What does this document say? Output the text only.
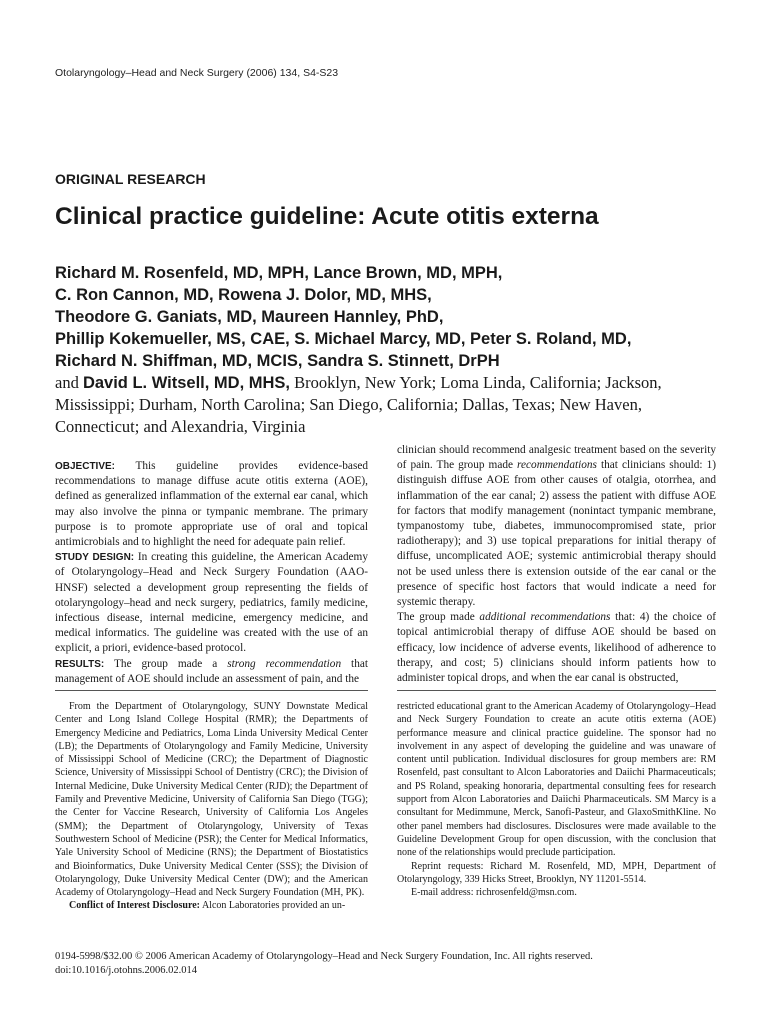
Otolaryngology–Head and Neck Surgery (2006) 134, S4-S23
ORIGINAL RESEARCH
Clinical practice guideline: Acute otitis externa
Richard M. Rosenfeld, MD, MPH, Lance Brown, MD, MPH,
C. Ron Cannon, MD, Rowena J. Dolor, MD, MHS,
Theodore G. Ganiats, MD, Maureen Hannley, PhD,
Phillip Kokemueller, MS, CAE, S. Michael Marcy, MD, Peter S. Roland, MD,
Richard N. Shiffman, MD, MCIS, Sandra S. Stinnett, DrPH
and David L. Witsell, MD, MHS, Brooklyn, New York; Loma Linda, California; Jackson, Mississippi; Durham, North Carolina; San Diego, California; Dallas, Texas; New Haven, Connecticut; and Alexandria, Virginia
OBJECTIVE: This guideline provides evidence-based recommendations to manage diffuse acute otitis externa (AOE), defined as generalized inflammation of the external ear canal, which may also involve the pinna or tympanic membrane. The primary purpose is to promote appropriate use of oral and topical antimicrobials and to highlight the need for adequate pain relief.
STUDY DESIGN: In creating this guideline, the American Academy of Otolaryngology–Head and Neck Surgery Foundation (AAO-HNSF) selected a development group representing the fields of otolaryngology–head and neck surgery, pediatrics, family medicine, infectious disease, internal medicine, emergency medicine, and medical informatics. The guideline was created with the use of an explicit, a priori, evidence-based protocol.
RESULTS: The group made a strong recommendation that management of AOE should include an assessment of pain, and the
clinician should recommend analgesic treatment based on the severity of pain. The group made recommendations that clinicians should: 1) distinguish diffuse AOE from other causes of otalgia, otorrhea, and inflammation of the ear canal; 2) assess the patient with diffuse AOE for factors that modify management (nonintact tympanic membrane, tympanostomy tube, diabetes, immunocompromised state, prior radiotherapy); and 3) use topical preparations for initial therapy of diffuse, uncomplicated AOE; systemic antimicrobial therapy should not be used unless there is extension outside of the ear canal or the presence of specific host factors that would indicate a need for systemic therapy.
The group made additional recommendations that: 4) the choice of topical antimicrobial therapy of diffuse AOE should be based on efficacy, low incidence of adverse events, likelihood of adherence to therapy, and cost; 5) clinicians should inform patients how to administer topical drops, and when the ear canal is obstructed,

From the Department of Otolaryngology, SUNY Downstate Medical Center and Long Island College Hospital (RMR); the Departments of Emergency Medicine and Pediatrics, Loma Linda University Medical Center (LB); the Departments of Otolaryngology and Family Medicine, University of Mississippi School of Medicine (CRC); the Department of Diagnostic Science, University of Mississippi School of Dentistry (CRC); the Division of Internal Medicine, Duke University Medical Center (RJD); the Department of Family and Preventive Medicine, University of California San Diego (TGG); the Center for Vaccine Research, University of California Los Angeles (SMM); the Department of Otolaryngology, University of Texas Southwestern School of Medicine (PSR); the Center for Medical Informatics, Yale University School of Medicine (RNS); the Department of Biostatistics and Bioinformatics, Duke University Medical Center (SSS); the Division of Otolaryngology, Duke University Medical Center (DW); and the American Academy of Otolaryngology–Head and Neck Surgery Foundation (MH, PK).

Conflict of Interest Disclosure: Alcon Laboratories provided an un-

restricted educational grant to the American Academy of Otolaryngology–Head and Neck Surgery Foundation to create an acute otitis externa (AOE) performance measure and clinical practice guideline. The sponsor had no involvement in any aspect of developing the guideline and was unaware of content until publication. Individual disclosures for group members are: RM Rosenfeld, past consultant to Alcon Laboratories and Daiichi Pharmaceuticals; and PS Roland, speaking honoraria, departmental consulting fees for research support from Alcon Laboratories and Daiichi Pharmaceuticals. SM Marcy is a consultant for Medimmune, Merck, Sanofi-Pasteur, and GlaxoSmithKline. No other panel members had disclosures. Disclosures were made available to the Guideline Development Group for open discussion, with the conclusion that none of the relationships would preclude participation.

Reprint requests: Richard M. Rosenfeld, MD, MPH, Department of Otolaryngology, 339 Hicks Street, Brooklyn, NY 11201-5514.

E-mail address: richrosenfeld@msn.com.

0194-5998/$32.00 © 2006 American Academy of Otolaryngology–Head and Neck Surgery Foundation, Inc. All rights reserved.
doi:10.1016/j.otohns.2006.02.014
